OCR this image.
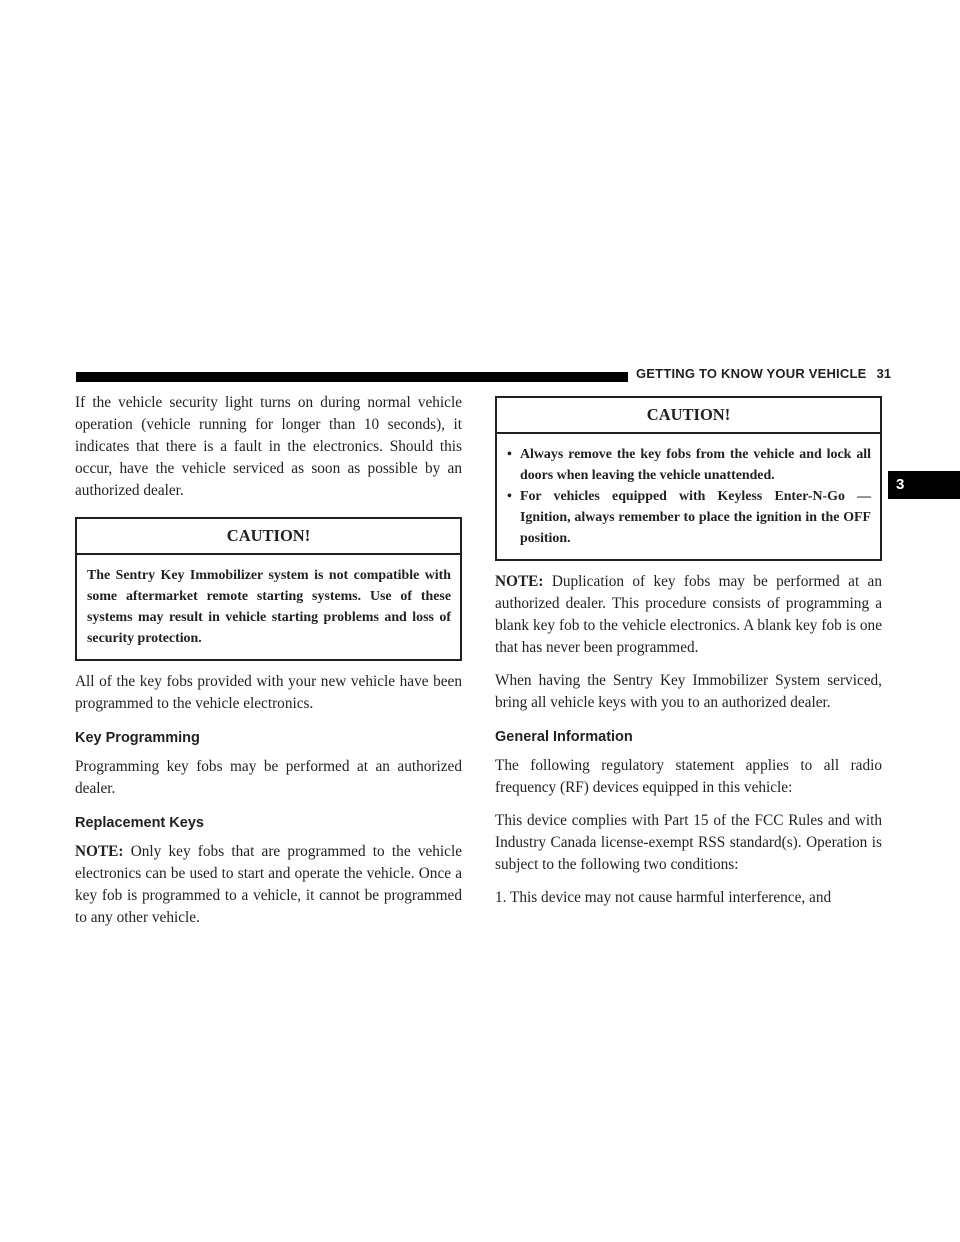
GETTING TO KNOW YOUR VEHICLE 31
3

If the vehicle security light turns on during normal vehicle operation (vehicle running for longer than 10 seconds), it indicates that there is a fault in the electronics. Should this occur, have the vehicle serviced as soon as possible by an authorized dealer.

CAUTION!
The Sentry Key Immobilizer system is not compatible with some aftermarket remote starting systems. Use of these systems may result in vehicle starting problems and loss of security protection.

All of the key fobs provided with your new vehicle have been programmed to the vehicle electronics.

Key Programming

Programming key fobs may be performed at an authorized dealer.

Replacement Keys

NOTE: Only key fobs that are programmed to the vehicle electronics can be used to start and operate the vehicle. Once a key fob is programmed to a vehicle, it cannot be programmed to any other vehicle.

CAUTION!
• Always remove the key fobs from the vehicle and lock all doors when leaving the vehicle unattended.
• For vehicles equipped with Keyless Enter-N-Go — Ignition, always remember to place the ignition in the OFF position.

NOTE: Duplication of key fobs may be performed at an authorized dealer. This procedure consists of programming a blank key fob to the vehicle electronics. A blank key fob is one that has never been programmed.

When having the Sentry Key Immobilizer System serviced, bring all vehicle keys with you to an authorized dealer.

General Information

The following regulatory statement applies to all radio frequency (RF) devices equipped in this vehicle:

This device complies with Part 15 of the FCC Rules and with Industry Canada license-exempt RSS standard(s). Operation is subject to the following two conditions:

1. This device may not cause harmful interference, and
